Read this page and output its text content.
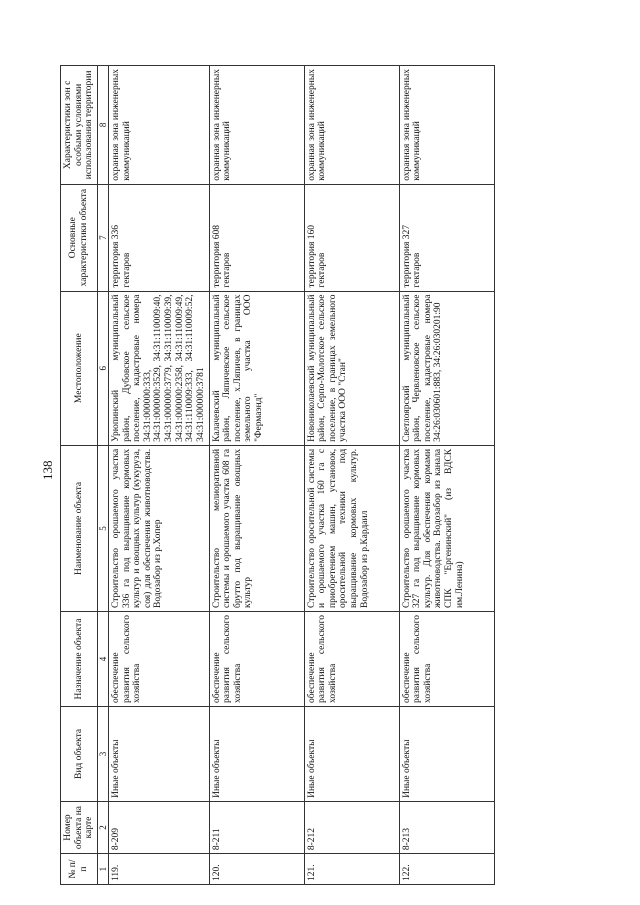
138
№ п/п	Номер объекта на карте	Вид объекта	Назначение объекта	Наименование объекта	Местоположение	Основные характеристики объекта	Характеристики зон с особыми условиями использования территории
1	2	3	4	5	6	7	8
119.	8-209	Иные объекты	обеспечение развития сельского хозяйства	Строительство орошаемого участка 336 га под выращивание кормовых культур и овощных культур (кукуруза, соя) для обеспечения животноводства. Водозабор из р.Хопер	Урюпинский муниципальный район, Дубовское сельское поселение, кадастровые номера 34:31:000000:333, 34:31:000000:3529, 34:31:110009:40, 34:31:000000:3779, 34:31:110009:39, 34:31:000000:2358, 34:31:110009:49, 34:31:110009:333, 34:31:110009:52, 34:31:000000:3781	территория 336 гектаров	охранная зона инженерных коммуникаций
120.	8-211	Иные объекты	обеспечение развития сельского хозяйства	Строительство мелиоративной системы и орошаемого участка 608 га брутто под выращивание овощных культур	Калачевский муниципальный район, Ляпичевское сельское поселение, х.Ляпичев, в границах земельного участка ООО "Фермаэнд"	территория 608 гектаров	охранная зона инженерных коммуникаций
121.	8-212	Иные объекты	обеспечение развития сельского хозяйства	Строительство оросительной системы и орошаемого участка 160 га с приобретением машин, установок, оросительной техники под выращивание кормовых культур. Водозабор из р.Кардаил	Новониколаевский муниципальный район, Серпо-Молотское сельское поселение, в границах земельного участка ООО "Стан"	территория 160 гектаров	охранная зона инженерных коммуникаций
122.	8-213	Иные объекты	обеспечение развития сельского хозяйства	Строительство орошаемого участка 327 га под выращивание кормовых культур. Для обеспечения кормами животноводства. Водозабор из канала СПК "Ергенинский" (из ВДСК им.Ленина)	Светлоярский муниципальный район, Червленовское сельское поселение, кадастровые номера 34:26:030601:883, 34:26:030201:90	территория 327 гектаров	охранная зона инженерных коммуникаций
